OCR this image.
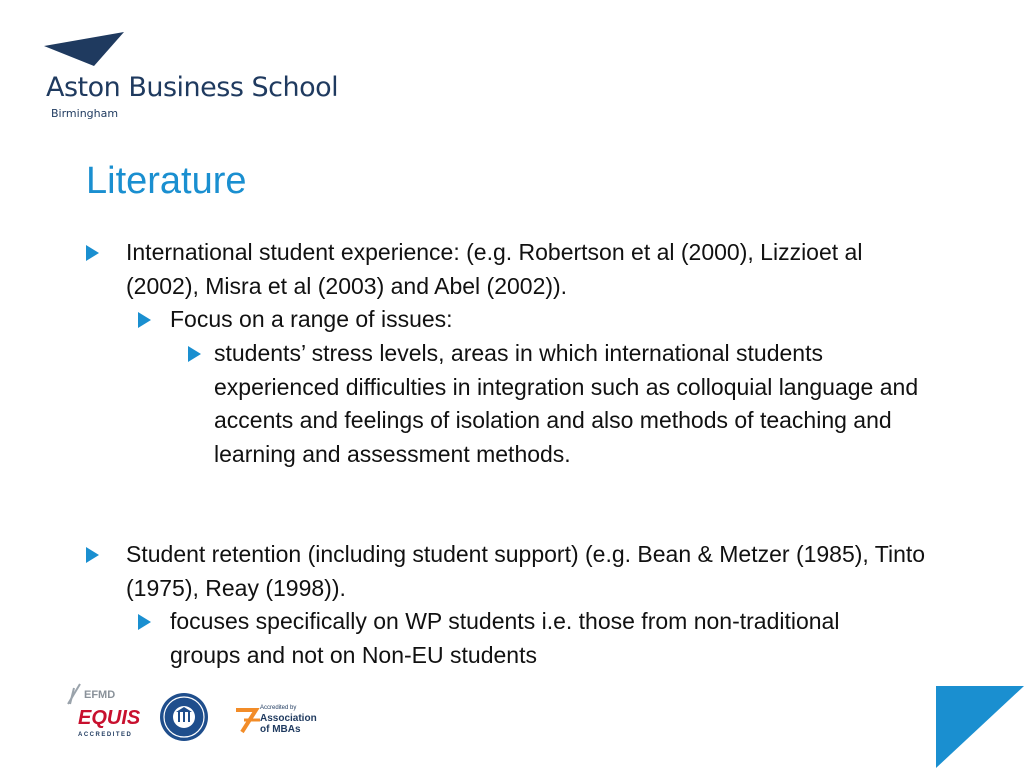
Aston Business School
Birmingham
Literature
International student experience: (e.g. Robertson et al (2000), Lizzioet al (2002), Misra et al (2003) and Abel (2002)).
Focus on a range of issues:
students’ stress levels, areas in which international students experienced difficulties in integration such as colloquial language and accents and feelings of isolation and also methods of teaching and learning and assessment methods.
Student retention (including student support) (e.g. Bean & Metzer (1985), Tinto (1975), Reay (1998)).
focuses specifically on WP students i.e. those from non-traditional groups and not on Non-EU students
EFMD
EQUIS
ACCREDITED
Accredited by
Association
of MBAs
